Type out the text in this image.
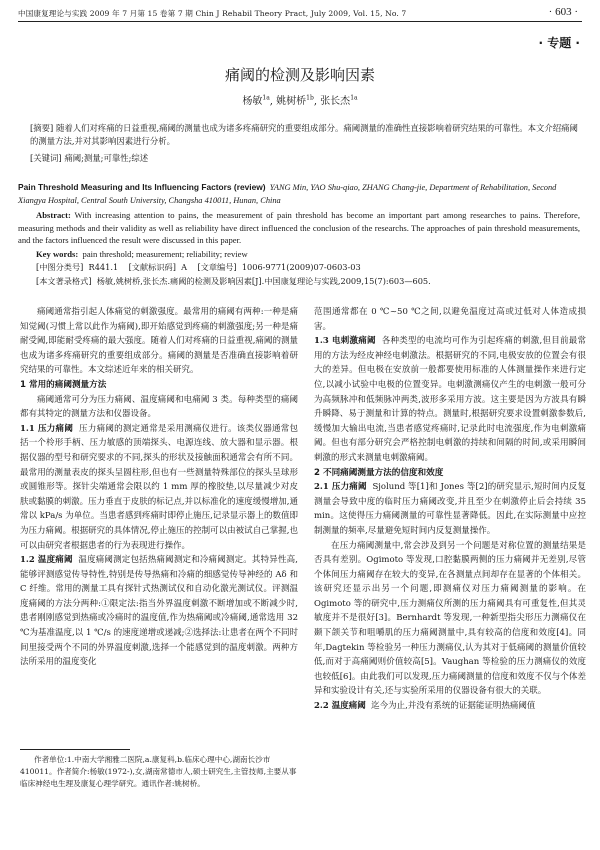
中国康复理论与实践 2009 年 7 月第 15 卷第 7 期 Chin J Rehabil Theory Pract, July 2009, Vol. 15, No. 7	· 603 ·
· 专题 ·
痛阈的检测及影响因素
杨敏$^{1a}$, 姚树桥$^{1b}$, 张长杰$^{1a}$
[摘要] 随着人们对疼痛的日益重视,痛阈的测量也成为诸多疼痛研究的重要组成部分。痛阈测量的准确性直接影响着研究结果的可靠性。本文介绍痛阈的测量方法,并对其影响因素进行分析。
[关键词] 痛阈;测量;可靠性;综述
Pain Threshold Measuring and Its Influencing Factors (review) YANG Min, YAO Shu-qiao, ZHANG Chang-jie, Department of Rehabilitation, Second Xiangya Hospital, Central South University, Changsha 410011, Hunan, China
Abstract: With increasing attention to pains, the measurement of pain threshold has become an important part among researches to pains. Therefore, measuring methods and their validity as well as reliability have direct influenced the conclusion of the researchs. The approaches of pain threshold measurements, and the factors influenced the result were discussed in this paper.
Key words: pain threshold; measurement; reliability; review
[中图分类号] R441.1 [文献标识码] A [文章编号] 1006-9771(2009)07-0603-03
[本文著录格式] 杨敏,姚树桥,张长杰.痛阈的检测及影响因素[J].中国康复理论与实践,2009,15(7):603—605.

痛阈通常指引起人体痛觉的刺激强度。最常用的痛阈有两种:一种是痛知觉阈(习惯上常以此作为痛阈),即开始感觉到疼痛的刺激强度;另一种是痛耐受阈,即能耐受疼痛的最大强度。随着人们对疼痛的日益重视,痛阈的测量也成为诸多疼痛研究的重要组成部分。痛阈的测量是否准确直接影响着研究结果的可靠性。本文综述近年来的相关研究。

1 常用的痛阈测量方法

痛阈通常可分为压力痛阈、温度痛阈和电痛阈 3 类。每种类型的痛阈都有其特定的测量方法和仪器设备。

1.1 压力痛阈 压力痛阈的测定通常是采用测痛仪进行。该类仪器通常包括一个柃形手柄、压力敏感的顶端探头、电源连线、放大器和显示器。根据仪器的型号和研究要求的不同,探头的形状及接触面积通常会有所不同。最常用的测量表皮的探头呈圆柱形,但也有一些测量特殊部位的探头呈球形或圆锥形等。探针尖端通常会限以约 1 mm 厚的橡胶垫,以尽量减少对皮肤或黏膜的刺激。压力垂直于皮肤的标记点,并以标准化的速度缓慢增加,通常以 kPa/s 为单位。当患者感到疼痛时即停止施压,记录显示器上的数值即为压力痛阈。根据研究的具体情况,停止施压的控制可以由被试自己掌握,也可以由研究者根据患者的行为表现进行操作。

1.2 温度痛阈 温度痛阈测定包括热痛阈测定和冷痛阈测定。其特异性高,能够评测感觉传导特性,特别是传导热痛和冷痛的细感觉传导神经的 Aδ 和 C 纤维。常用的测量工具有探针式热测试仪和自动化激光测试仪。评测温度痛阈的方法分两种:①限定法:指当外界温度刺激不断增加或不断减少时,患者刚刚感觉到热痛或冷痛时的温度值,作为热痛阈或冷痛阈,通常选用 32 ℃为基准温度,以 1 ℃/s 的速度递增或递减;②选择法:让患者在两个不同时间里接受两个不同的外界温度刺激,选择一个能感觉到的温度刺激。两种方法所采用的温度变化

范围通常都在 0 ℃~50 ℃之间,以避免温度过高或过低对人体造成损害。

1.3 电刺激痛阈 各种类型的电流均可作为引起疼痛的刺激,但目前最常用的方法为经皮神经电刺激法。根据研究的不同,电极安放的位置会有很大的差异。但电极在安放前一般都要使用标准的人体测量操作来进行定位,以减小试验中电极的位置变异。电刺激测痛仪产生的电刺激一般可分为高频脉冲和低频脉冲两类,波形多采用方波。这主要是因为方波具有瞬升瞬降、易于测量和计算的特点。测量时,根据研究要求设置刺激参数后,缓慢加大输出电流,当患者感觉疼痛时,记录此时电流强度,作为电刺激痛阈。但也有部分研究会严格控制电刺激的持续和间隔的时间,或采用瞬间刺激的形式来测量电刺激痛阈。

2 不同痛阈测量方法的信度和效度

2.1 压力痛阈 Sjolund 等[1]和 Jones 等[2]的研究显示,短时间内反复测量会导致中度的临时压力痛阈改变,并且至少在刺激停止后会持续 35 min。这使得压力痛阈测量的可靠性显著降低。因此,在实际测量中应控制测量的频率,尽量避免短时间内反复测量操作。

在压力痛阈测量中,常会涉及到另一个问题是对称位置的测量结果是否具有差别。Ogimoto 等发现,口腔黏膜两侧的压力痛阈并无差别,尽管个体间压力痛阈存在较大的变异,在各测量点间却存在显著的个体相关。该研究还显示出另一个问题,即测痛仪对压力痛阈测量的影响。在 Ogimoto 等的研究中,压力测痛仪所测的压力痛阈具有可重复性,但其灵敏度并不是很好[3]。Bernhardt 等发现,一种新型指尖形压力测痛仪在颞下颌关节和咀嚼肌的压力痛阈测量中,具有较高的信度和效度[4]。同年,Dagtekin 等检验另一种压力测痛仪,认为其对于低痛阈的测量价值较低,而对于高痛阈则价值较高[5]。Vaughan 等检验的压力测痛仪的效度也较低[6]。由此我们可以发现,压力痛阈测量的信度和效度不仅与个体差异和实验设计有关,还与实验所采用的仪器设备有很大的关联。

2.2 温度痛阈 迄今为止,并没有系统的证据能证明热痛阈值

作者单位:1.中南大学湘雅二医院,a.康复科,b.临床心理中心,湖南长沙市 410011。作者简介:杨敏(1972-),女,湖南常德市人,硕士研究生,主管技师,主要从事临床神经电生理及康复心理学研究。通讯作者:姚树桥。
